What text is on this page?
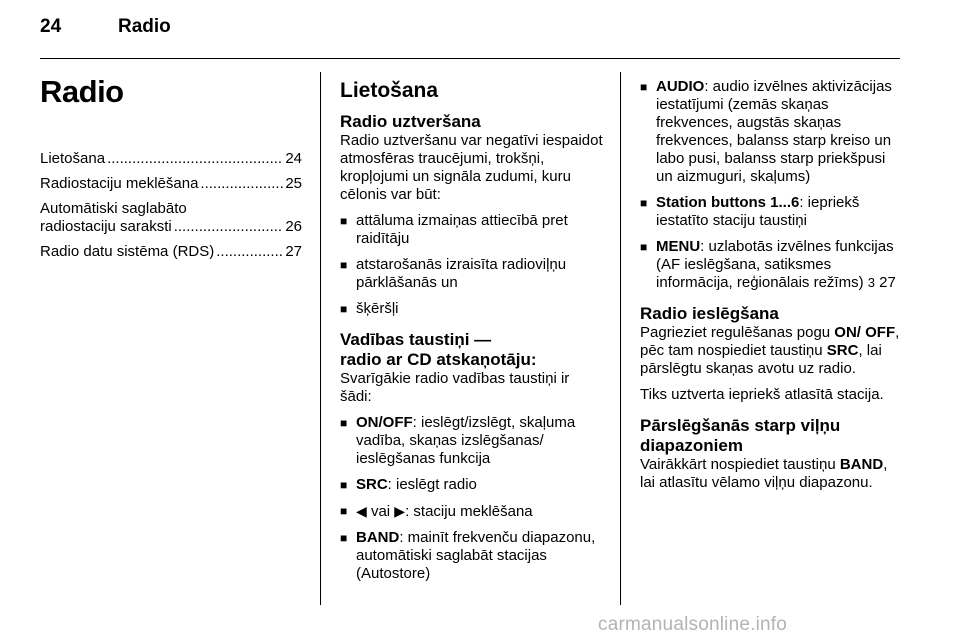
24	Radio
Radio
Lietošana .....	24
Radiostaciju meklēšana .....	25
Automātiski saglabāto
radiostaciju saraksti .....	26
Radio datu sistēma (RDS) .....	27
Lietošana
Radio uztveršana

Radio uztveršanu var negatīvi iespaidot atmosfēras traucējumi, trokšņi, kropļojumi un signāla zudumi, kuru cēlonis var būt:

■ attāluma izmaiņas attiecībā pret raidītāju
■ atstarošanās izraisīta radioviļņu pārklāšanās un
■ šķēršļi
Vadības taustiņi —
radio ar CD atskaņotāju:

Svarīgākie radio vadības taustiņi ir šādi:

■ ON/OFF: ieslēgt/izslēgt, skaļuma vadība, skaņas izslēgšanas/ ieslēgšanas funkcija
■ SRC: ieslēgt radio
■ ◀ vai ▶: staciju meklēšana
■ BAND: mainīt frekvenču diapazonu, automātiski saglabāt stacijas (Autostore)
■ AUDIO: audio izvēlnes aktivizācijas iestatījumi (zemās skaņas frekvences, augstās skaņas frekvences, balanss starp kreiso un labo pusi, balanss starp priekšpusi un aizmuguri, skaļums)
■ Station buttons 1...6: iepriekš iestatīto staciju taustiņi
■ MENU: uzlabotās izvēlnes funkcijas (AF ieslēgšana, satiksmes informācija, reģionālais režīms) 3 27
Radio ieslēgšana

Pagrieziet regulēšanas pogu ON/ OFF, pēc tam nospiediet taustiņu SRC, lai pārslēgtu skaņas avotu uz radio.

Tiks uztverta iepriekš atlasītā stacija.

Pārslēgšanās starp viļņu
diapazoniem

Vairākkārt nospiediet taustiņu BAND, lai atlasītu vēlamo viļņu diapazonu.

carmanualsonline.info
